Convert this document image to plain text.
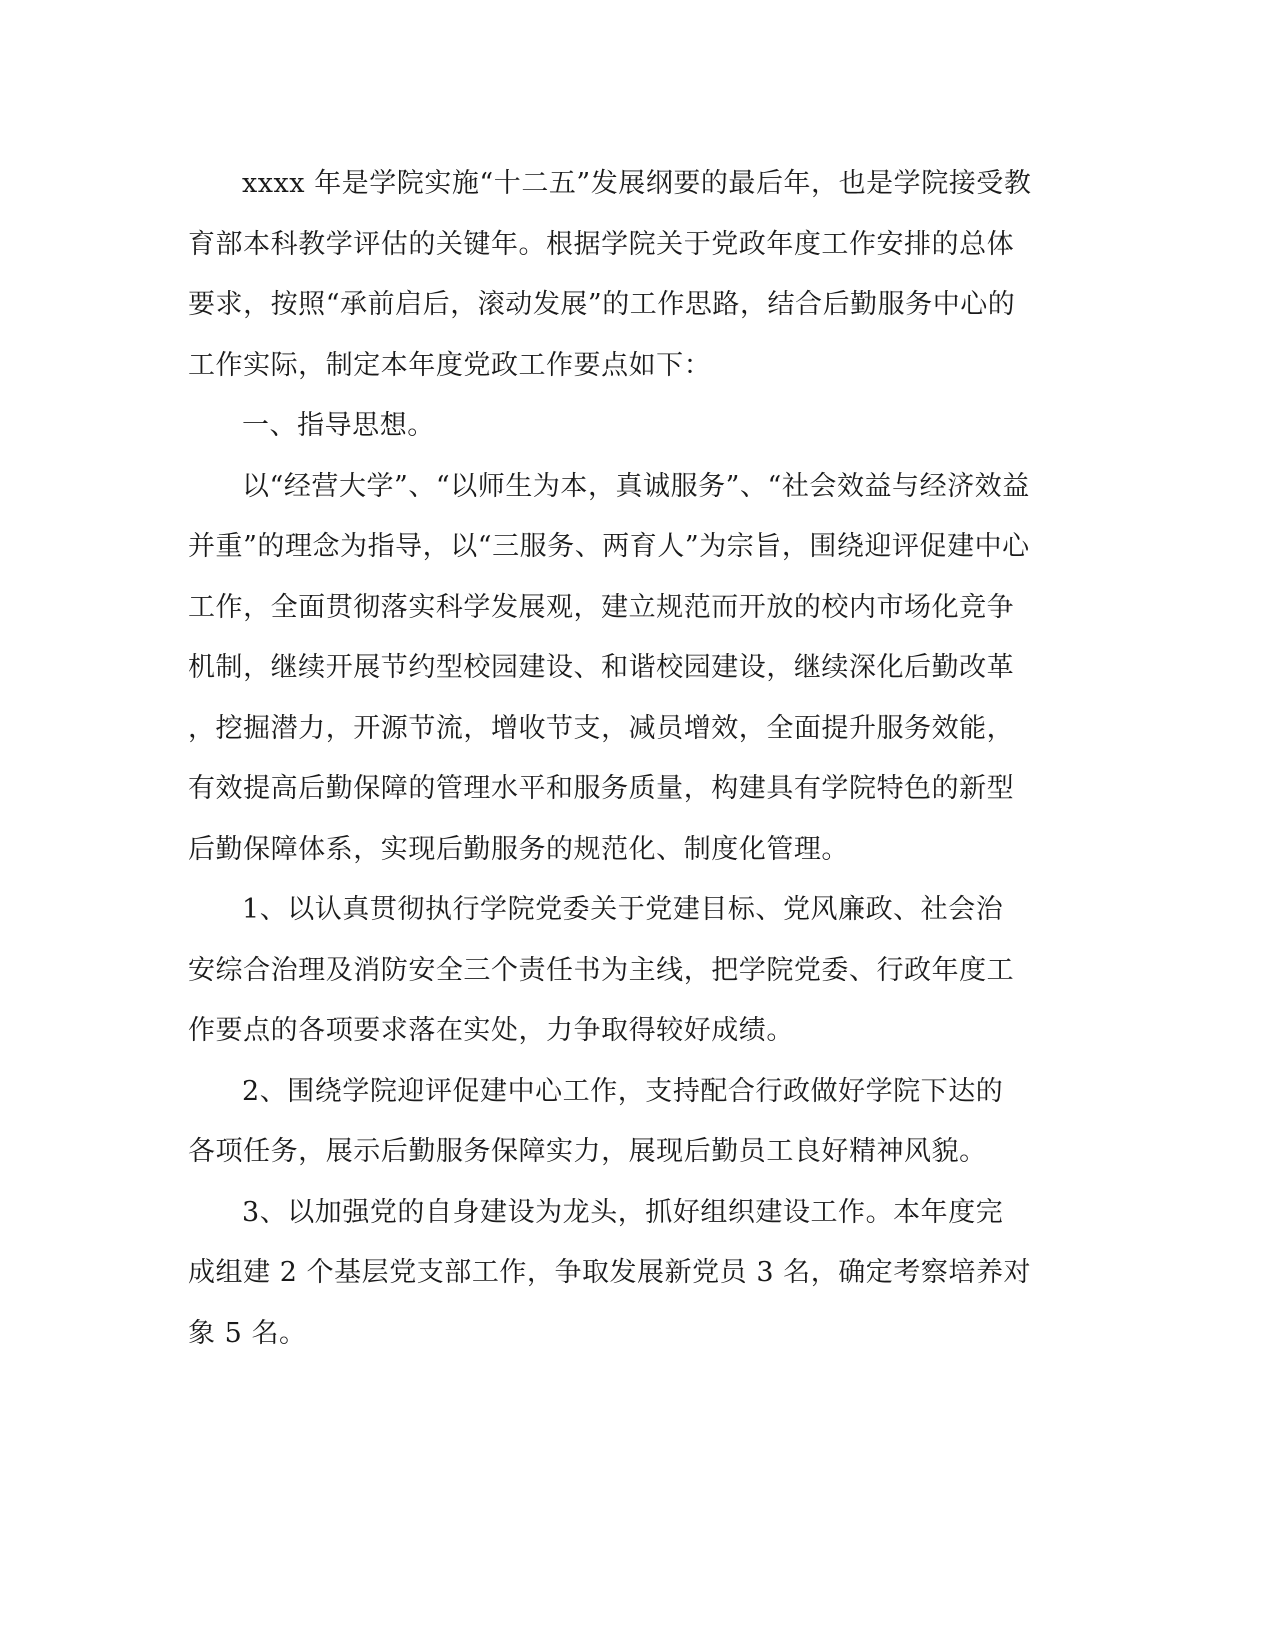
xxxx 年是学院实施“十二五”发展纲要的最后年，也是学院接受教
育部本科教学评估的关键年。根据学院关于党政年度工作安排的总体
要求，按照“承前启后，滚动发展”的工作思路，结合后勤服务中心的
工作实际，制定本年度党政工作要点如下：

一、指导思想。

以“经营大学”、“以师生为本，真诚服务”、“社会效益与经济效益
并重”的理念为指导，以“三服务、两育人”为宗旨，围绕迎评促建中心
工作，全面贯彻落实科学发展观，建立规范而开放的校内市场化竞争
机制，继续开展节约型校园建设、和谐校园建设，继续深化后勤改革
，挖掘潜力，开源节流，增收节支，减员增效，全面提升服务效能，
有效提高后勤保障的管理水平和服务质量，构建具有学院特色的新型
后勤保障体系，实现后勤服务的规范化、制度化管理。

1、以认真贯彻执行学院党委关于党建目标、党风廉政、社会治
安综合治理及消防安全三个责任书为主线，把学院党委、行政年度工
作要点的各项要求落在实处，力争取得较好成绩。

2、围绕学院迎评促建中心工作，支持配合行政做好学院下达的
各项任务，展示后勤服务保障实力，展现后勤员工良好精神风貌。

3、以加强党的自身建设为龙头，抓好组织建设工作。本年度完
成组建 2 个基层党支部工作，争取发展新党员 3 名，确定考察培养对
象 5 名。
